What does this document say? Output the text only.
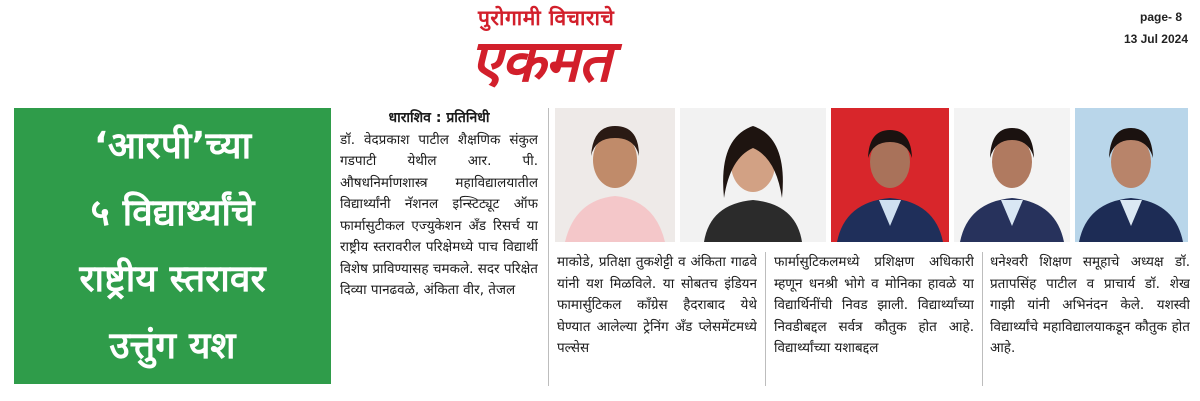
पुरोगामी विचाराचे
एकमत
page- 8
13 Jul 2024
‘आरपी’च्या
५ विद्यार्थ्यांचे
राष्ट्रीय स्तरावर
उत्तुंग यश
धाराशिव : प्रतिनिधी
डॉ. वेदप्रकाश पाटील शैक्षणिक संकुल गडपाटी येथील आर. पी. औषधनिर्माणशास्त्र महाविद्यालयातील विद्यार्थ्यांनी नॅशनल इन्स्टिट्यूट ऑफ फार्मासुटीकल एज्युकेशन अँड रिसर्च या राष्ट्रीय स्तरावरील परिक्षेमध्ये पाच विद्यार्थी विशेष प्राविण्यासह चमकले. सदर परिक्षेत दिव्या पानढवळे, अंकिता वीर, तेजल
माकोडे, प्रतिक्षा तुकशेट्टी व अंकिता गाढवे यांनी यश मिळविले. या सोबतच इंडियन फामार्सुटिकल कॉंग्रेस हैदराबाद येथे घेण्यात आलेल्या ट्रेनिंग अँड प्लेसमेंटमध्ये पल्सेस
फार्मासुटिकलमध्ये प्रशिक्षण अधिकारी म्हणून धनश्री भोगे व मोनिका हावळे या विद्यार्थिनींची निवड झाली. विद्यार्थ्यांच्या निवडीबद्दल सर्वत्र कौतुक होत आहे. विद्यार्थ्यांच्या यशाबद्दल
धनेश्वरी शिक्षण समूहाचे अध्यक्ष डॉ. प्रतापसिंह पाटील व प्राचार्य डॉ. शेख गाझी यांनी अभिनंदन केले. यशस्वी विद्यार्थ्यांचे महाविद्यालयाकडून कौतुक होत आहे.
